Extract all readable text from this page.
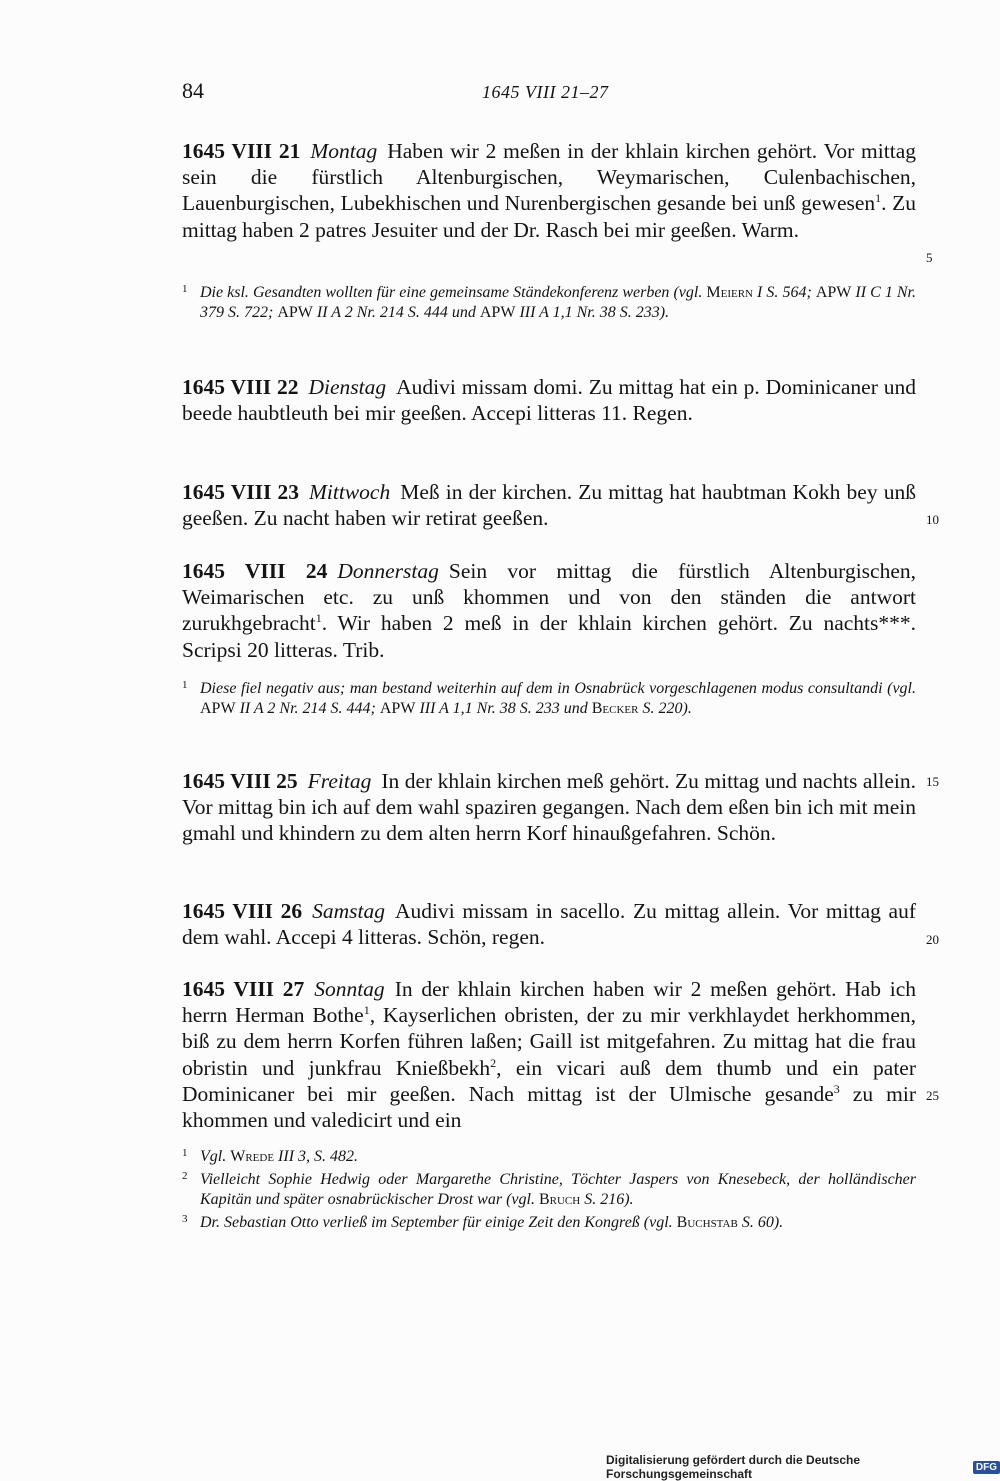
84	1645 VIII 21–27
1645 VIII 21 Montag Haben wir 2 meßen in der khlain kirchen gehört. Vor mittag sein die fürstlich Altenburgischen, Weymarischen, Culenbachischen, Lauenburgischen, Lubekhischen und Nurenbergischen gesande bei unß gewesen$^1$. Zu mittag haben 2 patres Jesuiter und der Dr. Rasch bei mir geeßen. Warm.
5
1 Die ksl. Gesandten wollten für eine gemeinsame Ständekonferenz werben (vgl. Meiern I S. 564; APW II C 1 Nr. 379 S. 722; APW II A 2 Nr. 214 S. 444 und APW III A 1,1 Nr. 38 S. 233).
1645 VIII 22 Dienstag Audivi missam domi. Zu mittag hat ein p. Dominicaner und beede haubtleuth bei mir geeßen. Accepi litteras 11. Regen.
1645 VIII 23 Mittwoch Meß in der kirchen. Zu mittag hat haubtman Kokh bey unß geeßen. Zu nacht haben wir retirat geeßen.	10
1645 VIII 24 Donnerstag Sein vor mittag die fürstlich Altenburgischen, Weimarischen etc. zu unß khommen und von den ständen die antwort zurukhgebracht$^1$. Wir haben 2 meß in der khlain kirchen gehört. Zu nachts***. Scripsi 20 litteras. Trib.
1 Diese fiel negativ aus; man bestand weiterhin auf dem in Osnabrück vorgeschlagenen modus consultandi (vgl. APW II A 2 Nr. 214 S. 444; APW III A 1,1 Nr. 38 S. 233 und Becker S. 220).
1645 VIII 25 Freitag In der khlain kirchen meß gehört. Zu mittag und nachts allein. Vor mittag bin ich auf dem wahl spaziren gegangen. Nach dem eßen bin ich mit mein gmahl und khindern zu dem alten herrn Korf hinaußgefahren. Schön.
15
1645 VIII 26 Samstag Audivi missam in sacello. Zu mittag allein. Vor mittag auf dem wahl. Accepi 4 litteras. Schön, regen.	20
1645 VIII 27 Sonntag In der khlain kirchen haben wir 2 meßen gehört. Hab ich herrn Herman Bothe$^1$, Kayserlichen obristen, der zu mir verkhlaydet herkhommen, biß zu dem herrn Korfen führen laßen; Gaill ist mitgefahren. Zu mittag hat die frau obristin und junkfrau Knießbekh$^2$, ein vicari auß dem thumb und ein pater Dominicaner bei mir geeßen. Nach mittag ist der Ulmische gesande$^3$ zu mir khommen und valedicirt und ein
25
1 Vgl. Wrede III 3, S. 482.
2 Vielleicht Sophie Hedwig oder Margarethe Christine, Töchter Jaspers von Knesebeck, der holländischer Kapitän und später osnabrückischer Drost war (vgl. Bruch S. 216).
3 Dr. Sebastian Otto verließ im September für einige Zeit den Kongreß (vgl. Buchstab S. 60).
Digitalisierung gefördert durch die Deutsche Forschungsgemeinschaft	DFG
